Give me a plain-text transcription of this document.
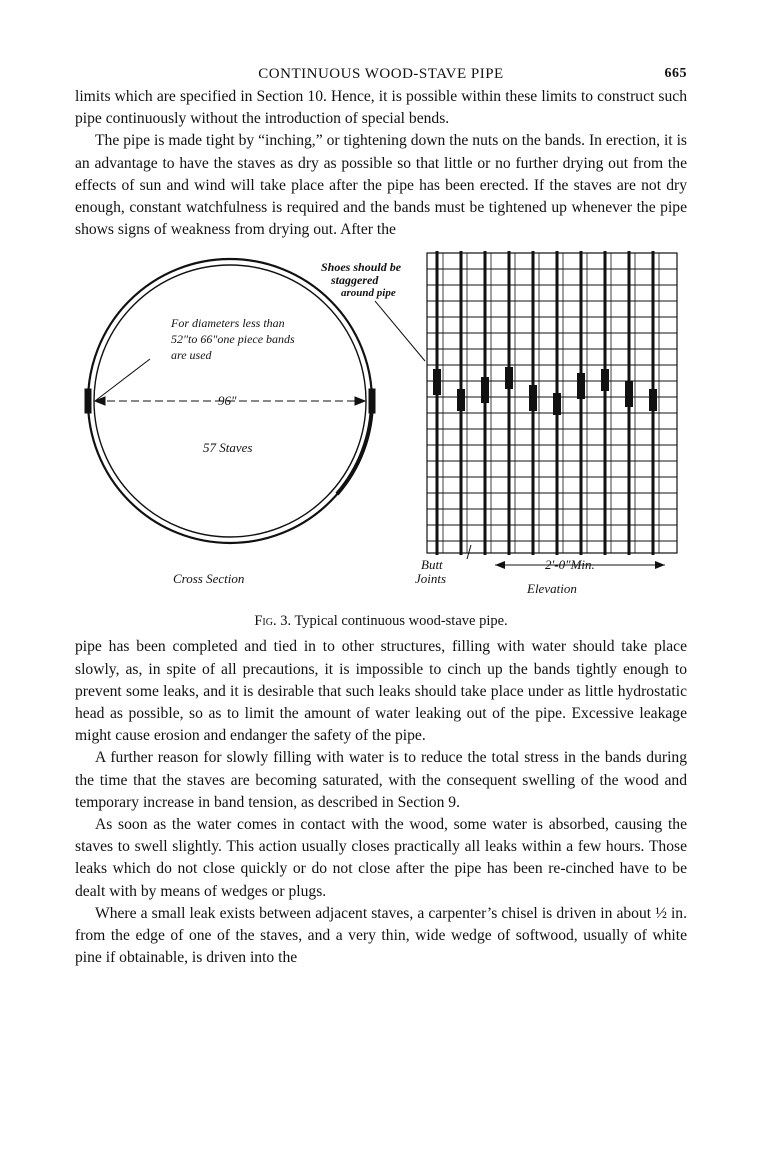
CONTINUOUS WOOD-STAVE PIPE	665

limits which are specified in Section 10. Hence, it is possible within these limits to construct such pipe continuously without the introduction of special bends.

The pipe is made tight by “inching,” or tightening down the nuts on the bands. In erection, it is an advantage to have the staves as dry as possible so that little or no further drying out from the effects of sun and wind will take place after the pipe has been erected. If the staves are not dry enough, constant watchfulness is required and the bands must be tightened up whenever the pipe shows signs of weakness from drying out. After the

Shoes should be
staggered
around pipe
For diameters less than
52"to 66"one piece bands
are used
96"
57 Staves
Cross Section
Butt
Joints
2'-0"Min.
Elevation
Fig. 3. Typical continuous wood-stave pipe.

pipe has been completed and tied in to other structures, filling with water should take place slowly, as, in spite of all precautions, it is impossible to cinch up the bands tightly enough to prevent some leaks, and it is desirable that such leaks should take place under as little hydrostatic head as possible, so as to limit the amount of water leaking out of the pipe. Excessive leakage might cause erosion and endanger the safety of the pipe.

A further reason for slowly filling with water is to reduce the total stress in the bands during the time that the staves are becoming saturated, with the consequent swelling of the wood and temporary increase in band tension, as described in Section 9.

As soon as the water comes in contact with the wood, some water is absorbed, causing the staves to swell slightly. This action usually closes practically all leaks within a few hours. Those leaks which do not close quickly or do not close after the pipe has been re-cinched have to be dealt with by means of wedges or plugs.

Where a small leak exists between adjacent staves, a carpenter’s chisel is driven in about ½ in. from the edge of one of the staves, and a very thin, wide wedge of softwood, usually of white pine if obtainable, is driven into the
